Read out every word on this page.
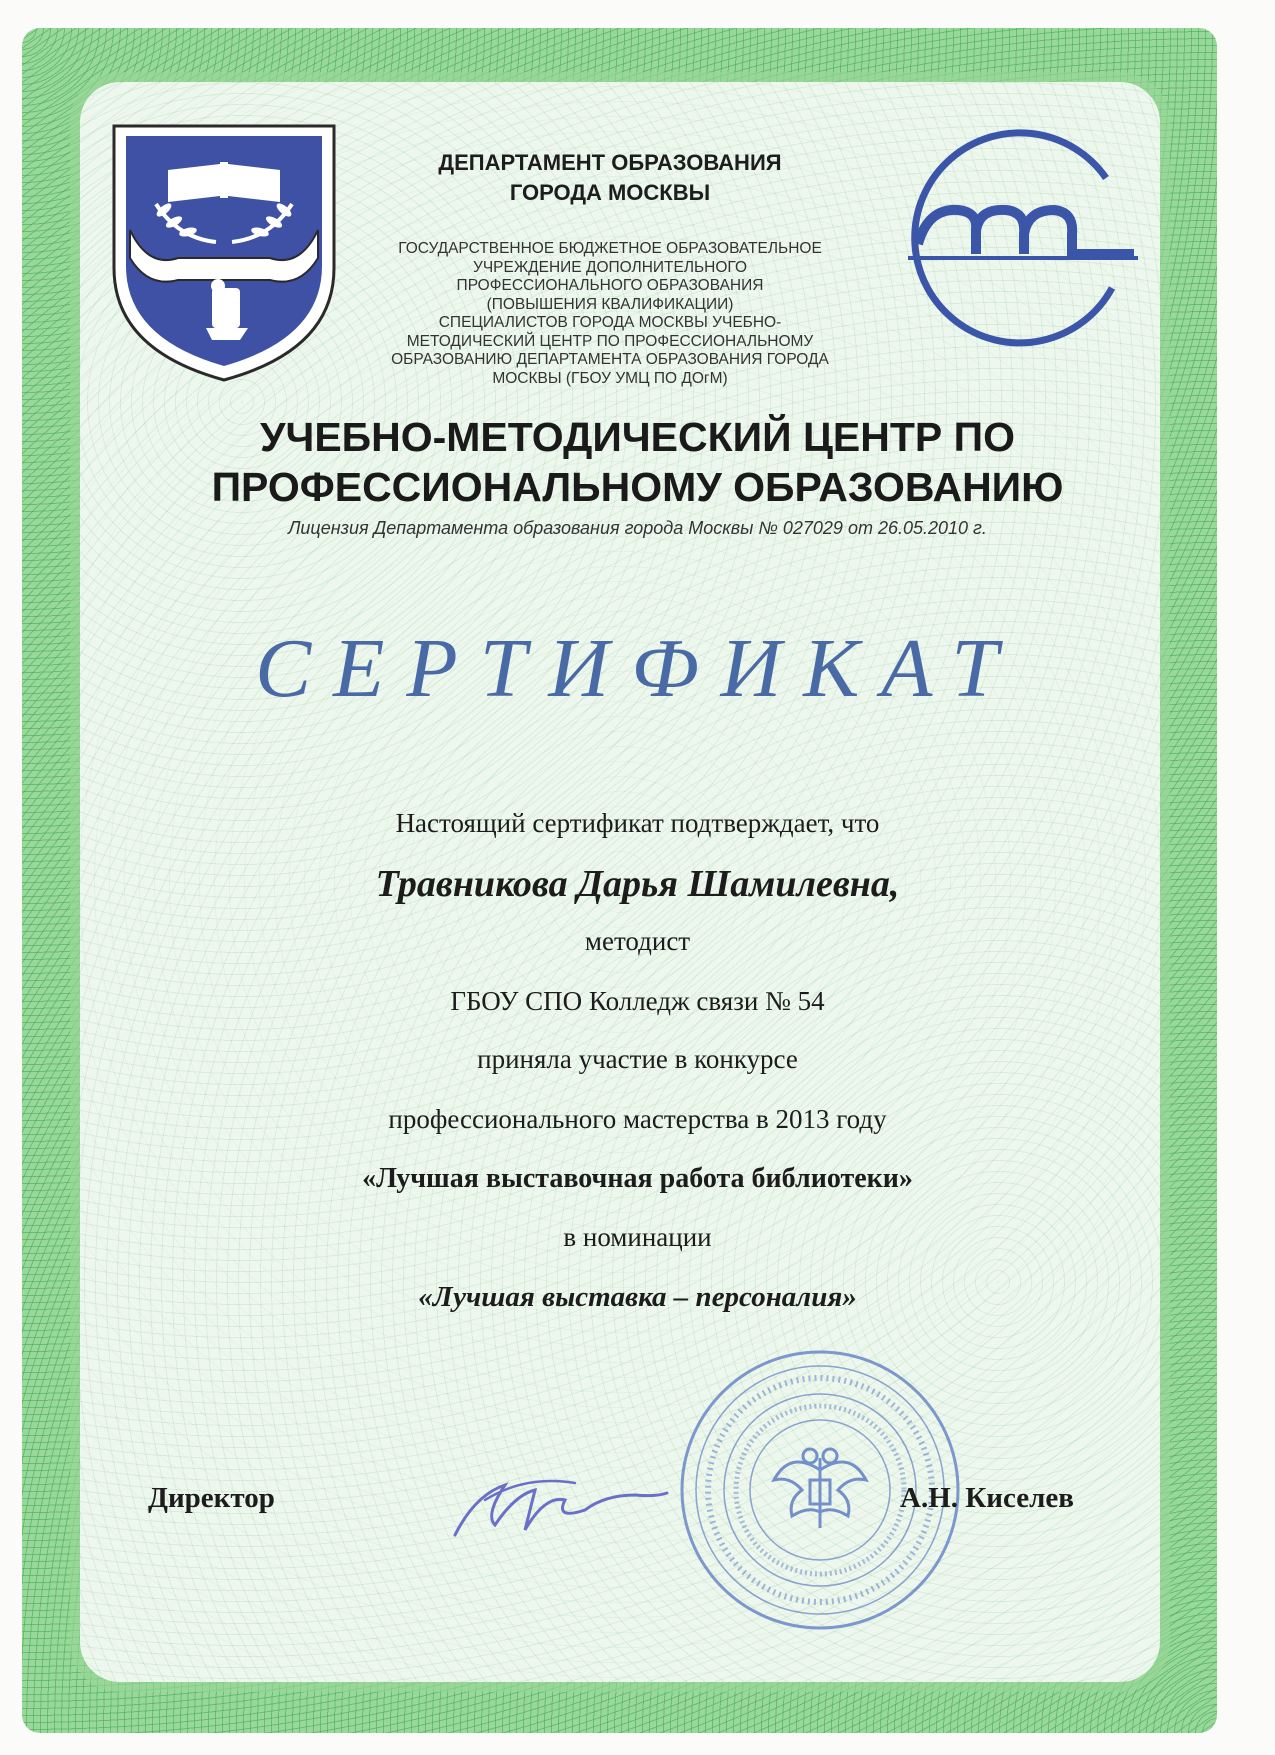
ДЕПАРТАМЕНТ ОБРАЗОВАНИЯ
ГОРОДА МОСКВЫ
ГОСУДАРСТВЕННОЕ БЮДЖЕТНОЕ ОБРАЗОВАТЕЛЬНОЕ
УЧРЕЖДЕНИЕ ДОПОЛНИТЕЛЬНОГО
ПРОФЕССИОНАЛЬНОГО ОБРАЗОВАНИЯ
(ПОВЫШЕНИЯ КВАЛИФИКАЦИИ)
СПЕЦИАЛИСТОВ ГОРОДА МОСКВЫ УЧЕБНО-
МЕТОДИЧЕСКИЙ ЦЕНТР ПО ПРОФЕССИОНАЛЬНОМУ
ОБРАЗОВАНИЮ ДЕПАРТАМЕНТА ОБРАЗОВАНИЯ ГОРОДА
МОСКВЫ (ГБОУ УМЦ ПО ДОгМ)
УМЦ
УЧЕБНО-МЕТОДИЧЕСКИЙ ЦЕНТР ПО
ПРОФЕССИОНАЛЬНОМУ ОБРАЗОВАНИЮ
Лицензия Департамента образования города Москвы № 027029 от 26.05.2010 г.
СЕРТИФИКАТ
Настоящий сертификат подтверждает, что
Травникова Дарья Шамилевна,
методист
ГБОУ СПО Колледж связи № 54
приняла участие в конкурсе
профессионального мастерства в 2013 году
«Лучшая выставочная работа библиотеки»
в номинации
«Лучшая выставка – персоналия»
Директор	А.Н. Киселев
